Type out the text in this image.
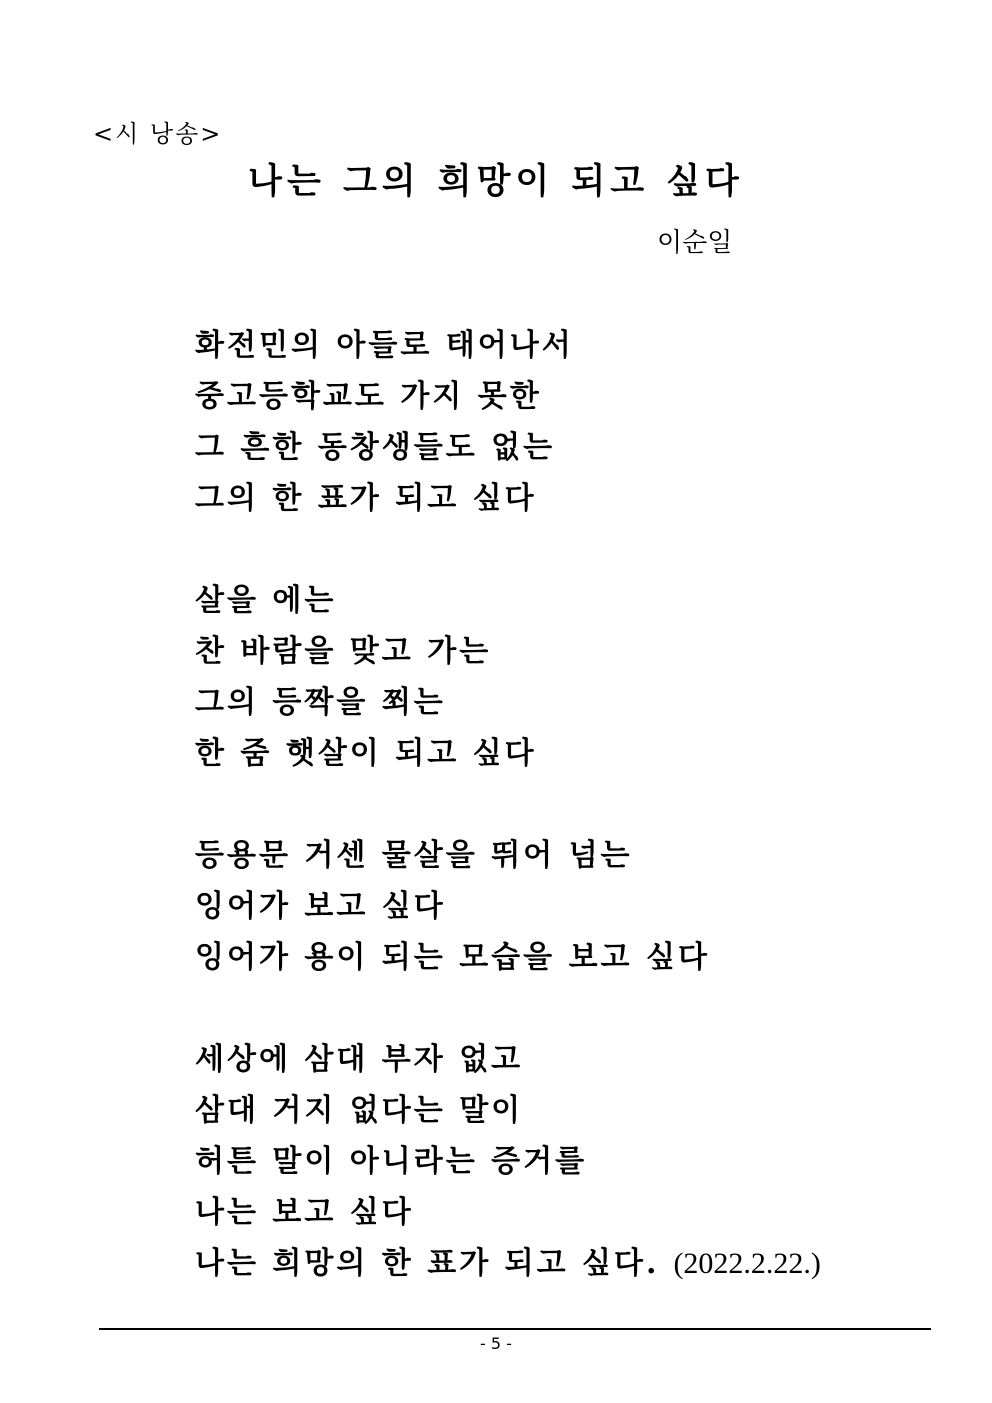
<시 낭송>
나는 그의 희망이 되고 싶다
이순일
화전민의 아들로 태어나서
중고등학교도 가지 못한
그 흔한 동창생들도 없는
그의 한 표가 되고 싶다
살을 에는
찬 바람을 맞고 가는
그의 등짝을 쬐는
한 줌 햇살이 되고 싶다
등용문 거센 물살을 뛰어 넘는
잉어가 보고 싶다
잉어가 용이 되는 모습을 보고 싶다
세상에 삼대 부자 없고
삼대 거지 없다는 말이
허튼 말이 아니라는 증거를
나는 보고 싶다
나는 희망의 한 표가 되고 싶다. (2022.2.22.)
- 5 -
